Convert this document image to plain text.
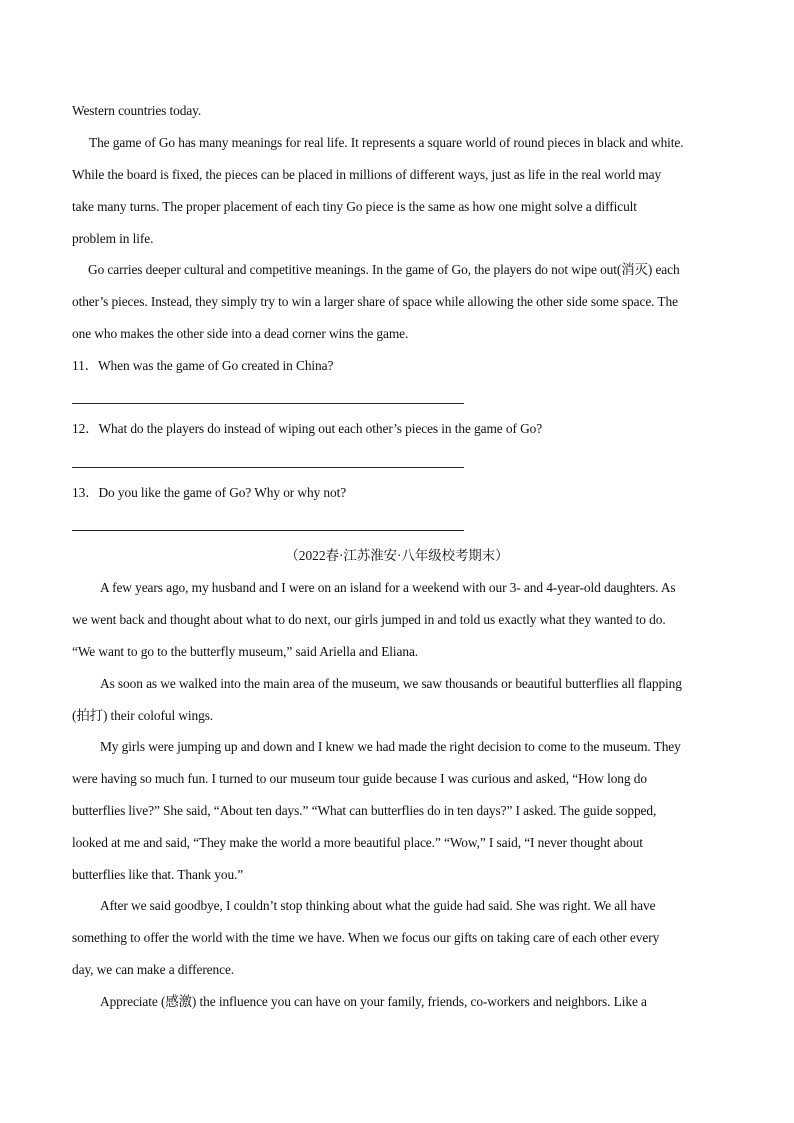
Western countries today.
The game of Go has many meanings for real life. It represents a square world of round pieces in black and white.
While the board is fixed, the pieces can be placed in millions of different ways, just as life in the real world may
take many turns. The proper placement of each tiny Go piece is the same as how one might solve a difficult
problem in life.
Go carries deeper cultural and competitive meanings. In the game of Go, the players do not wipe out(消灭) each
other’s pieces. Instead, they simply try to win a larger share of space while allowing the other side some space. The
one who makes the other side into a dead corner wins the game.
11．When was the game of Go created in China?
12．What do the players do instead of wiping out each other’s pieces in the game of Go?
13．Do you like the game of Go? Why or why not?
（2022春·江苏淮安·八年级校考期末）
A few years ago, my husband and I were on an island for a weekend with our 3- and 4-year-old daughters. As
we went back and thought about what to do next, our girls jumped in and told us exactly what they wanted to do.
“We want to go to the butterfly museum,” said Ariella and Eliana.
As soon as we walked into the main area of the museum, we saw thousands or beautiful butterflies all flapping
(拍打) their coloful wings.
My girls were jumping up and down and I knew we had made the right decision to come to the museum. They
were having so much fun. I turned to our museum tour guide because I was curious and asked, “How long do
butterflies live?” She said, “About ten days.” “What can butterflies do in ten days?” I asked. The guide sopped,
looked at me and said, “They make the world a more beautiful place.” “Wow,” I said, “I never thought about
butterflies like that. Thank you.”
After we said goodbye, I couldn’t stop thinking about what the guide had said. She was right. We all have
something to offer the world with the time we have. When we focus our gifts on taking care of each other every
day, we can make a difference.
Appreciate (感激) the influence you can have on your family, friends, co-workers and neighbors. Like a
